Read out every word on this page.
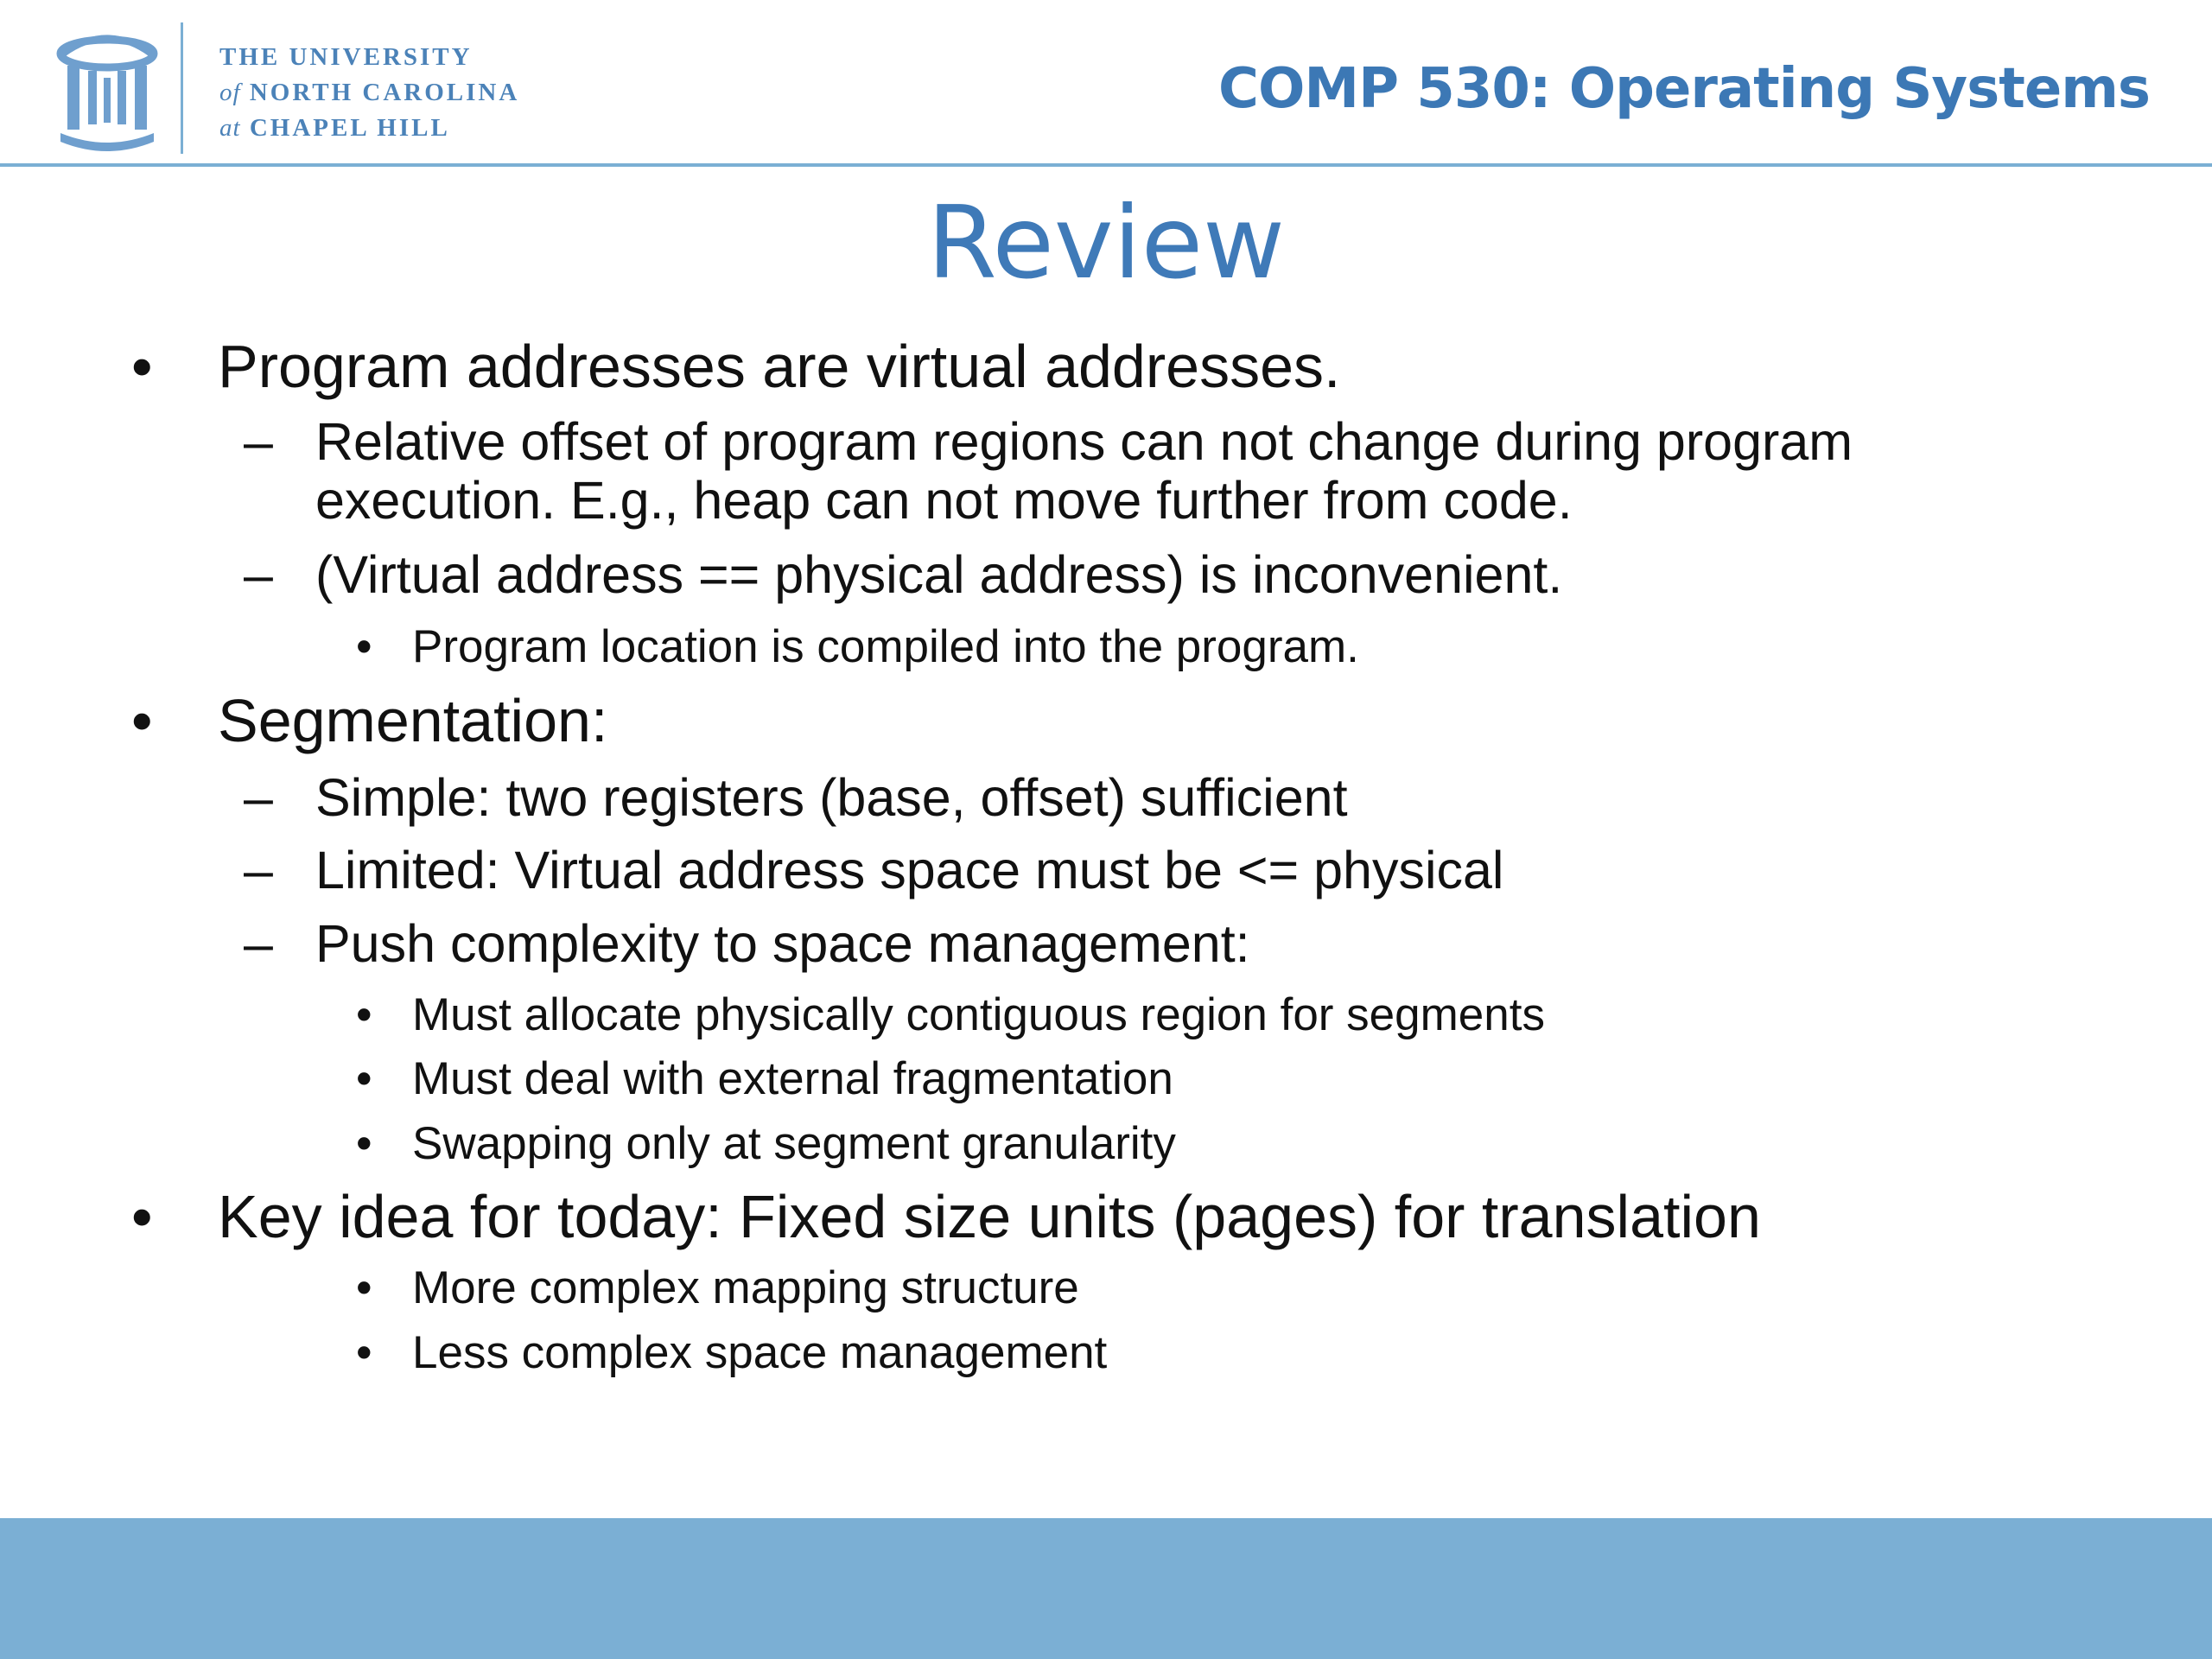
THE UNIVERSITY
of NORTH CAROLINA
at CHAPEL HILL
COMP 530: Operating Systems
Review
• Program addresses are virtual addresses.
– Relative offset of program regions can not change during program
execution. E.g., heap can not move further from code.
– (Virtual address == physical address) is inconvenient.
• Program location is compiled into the program.
• Segmentation:
– Simple: two registers (base, offset) sufficient
– Limited: Virtual address space must be <= physical
– Push complexity to space management:
• Must allocate physically contiguous region for segments
• Must deal with external fragmentation
• Swapping only at segment granularity
• Key idea for today: Fixed size units (pages) for translation
• More complex mapping structure
• Less complex space management
